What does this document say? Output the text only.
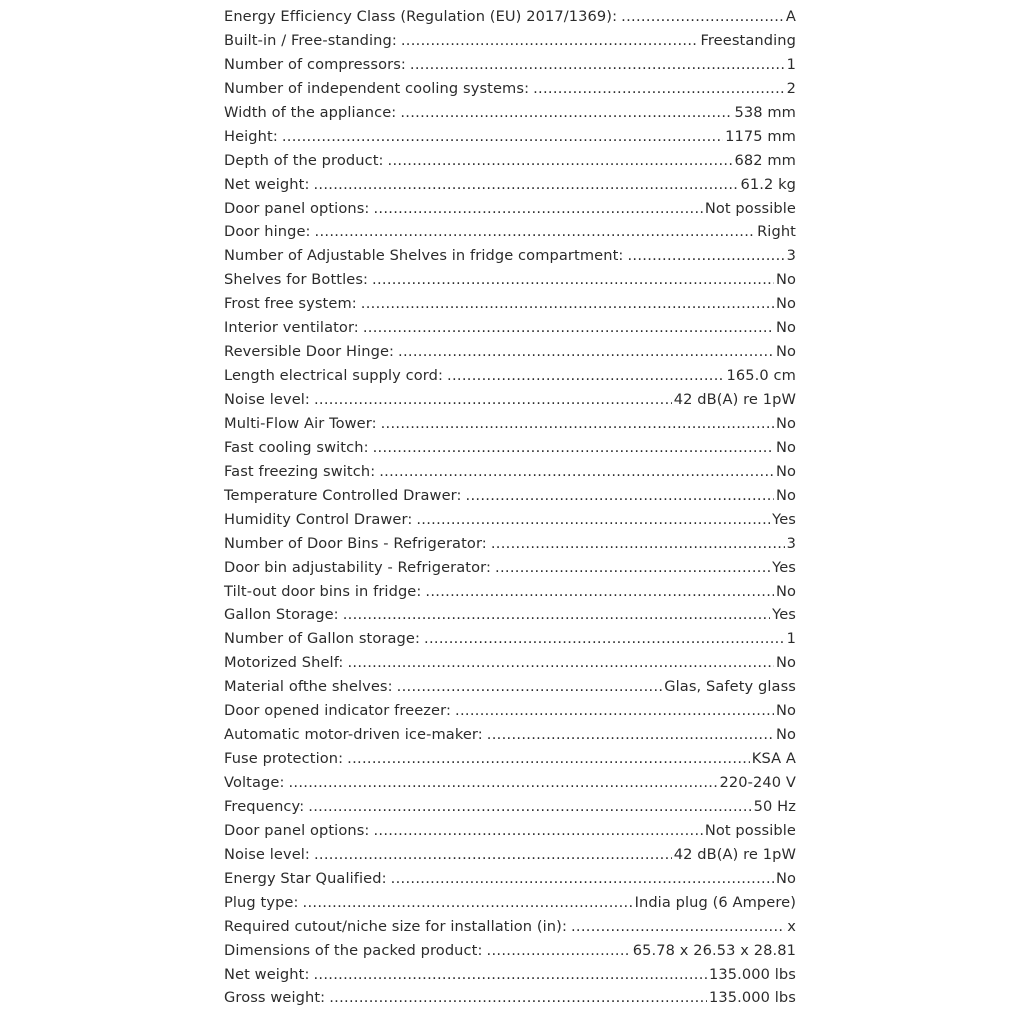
Energy Efficiency Class (Regulation (EU) 2017/1369): .....	A
Built-in / Free-standing: .....	Freestanding
Number of compressors: .....	1
Number of independent cooling systems: .....	2
Width of the appliance: .....	538 mm
Height: .....	1175 mm
Depth of the product: .....	682 mm
Net weight: .....	61.2 kg
Door panel options: .....	Not possible
Door hinge: .....	Right
Number of Adjustable Shelves in fridge compartment: .....	3
Shelves for Bottles: .....	No
Frost free system: .....	No
Interior ventilator: .....	No
Reversible Door Hinge: .....	No
Length electrical supply cord: .....	165.0 cm
Noise level: .....	42 dB(A) re 1pW
Multi-Flow Air Tower: .....	No
Fast cooling switch: .....	No
Fast freezing switch: .....	No
Temperature Controlled Drawer: .....	No
Humidity Control Drawer: .....	Yes
Number of Door Bins - Refrigerator: .....	3
Door bin adjustability - Refrigerator: .....	Yes
Tilt-out door bins in fridge: .....	No
Gallon Storage: .....	Yes
Number of Gallon storage: .....	1
Motorized Shelf: .....	No
Material ofthe shelves: .....	Glas, Safety glass
Door opened indicator freezer: .....	No
Automatic motor-driven ice-maker: .....	No
Fuse protection: .....	KSA A
Voltage: .....	220-240 V
Frequency: .....	50 Hz
Door panel options: .....	Not possible
Noise level: .....	42 dB(A) re 1pW
Energy Star Qualified: .....	No
Plug type: .....	India plug (6 Ampere)
Required cutout/niche size for installation (in): .....	x
Dimensions of the packed product: .....	65.78 x 26.53 x 28.81
Net weight: .....	135.000 lbs
Gross weight: .....	135.000 lbs
